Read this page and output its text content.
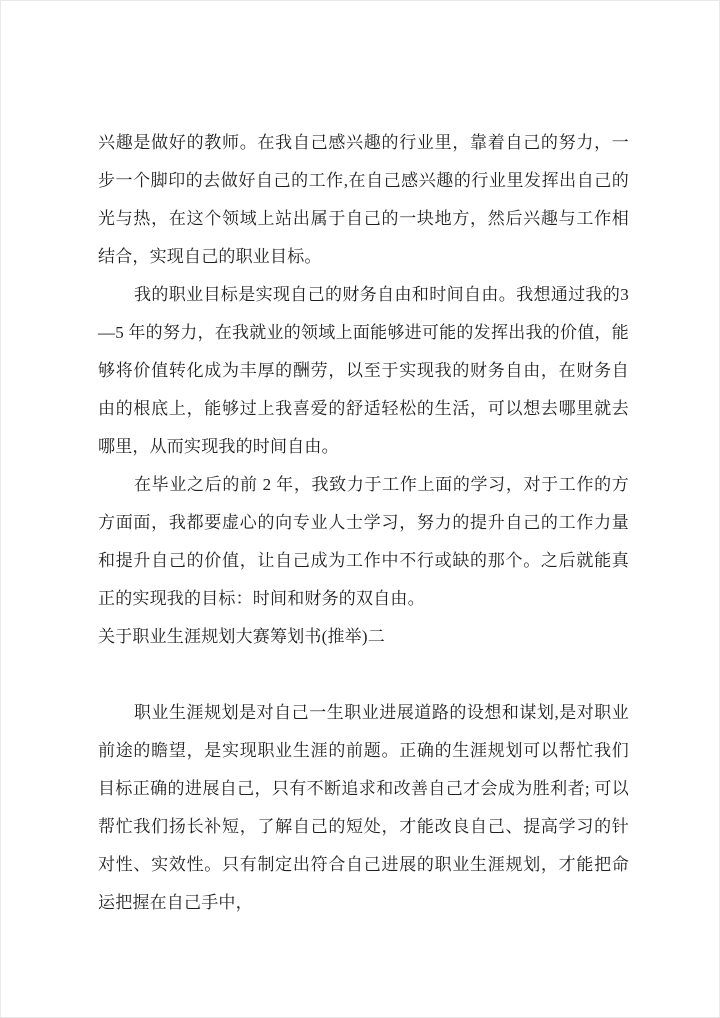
兴趣是做好的教师。在我自己感兴趣的行业里，靠着自己的努力，一步一个脚印的去做好自己的工作,在自己感兴趣的行业里发挥出自己的光与热，在这个领域上站出属于自己的一块地方，然后兴趣与工作相结合，实现自己的职业目标。

我的职业目标是实现自己的财务自由和时间自由。我想通过我的3—5 年的努力，在我就业的领域上面能够进可能的发挥出我的价值，能够将价值转化成为丰厚的酬劳，以至于实现我的财务自由，在财务自由的根底上，能够过上我喜爱的舒适轻松的生活，可以想去哪里就去哪里，从而实现我的时间自由。

在毕业之后的前 2 年，我致力于工作上面的学习，对于工作的方方面面，我都要虚心的向专业人士学习，努力的提升自己的工作力量和提升自己的价值，让自己成为工作中不行或缺的那个。之后就能真正的实现我的目标：时间和财务的双自由。

关于职业生涯规划大赛筹划书(推举)二

职业生涯规划是对自己一生职业进展道路的设想和谋划,是对职业前途的瞻望，是实现职业生涯的前题。正确的生涯规划可以帮忙我们目标正确的进展自己，只有不断追求和改善自己才会成为胜利者; 可以帮忙我们扬长补短，了解自己的短处，才能改良自己、提高学习的针对性、实效性。只有制定出符合自己进展的职业生涯规划，才能把命运把握在自己手中，
